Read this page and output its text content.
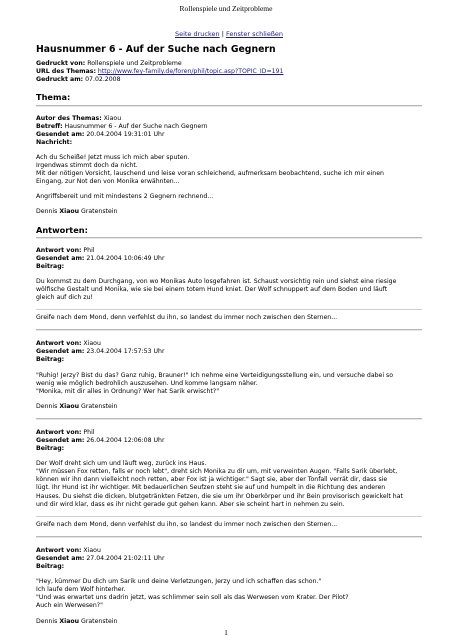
Rollenspiele und Zeitprobleme
Seite drucken | Fenster schließen
Hausnummer 6 - Auf der Suche nach Gegnern
Gedruckt von: Rollenspiele und Zeitprobleme
URL des Themas: http://www.fey-family.de/foren/phil/topic.asp?TOPIC_ID=191
Gedruckt am: 07.02.2008
Thema:
Autor des Themas: Xiaou
Betreff: Hausnummer 6 - Auf der Suche nach Gegnern
Gesendet am: 20.04.2004 19:31:01 Uhr
Nachricht:

Ach du Scheiße! Jetzt muss ich mich aber sputen.

Irgendwas stimmt doch da nicht.

Mit der nötigen Vorsicht, lauschend und leise voran schleichend, aufmerksam beobachtend, suche ich mir einen

Eingang, zur Not den von Monika erwähnten...

Angriffsbereit und mit mindestens 2 Gegnern rechnend...

Dennis Xiaou Gratenstein

Antworten:
Antwort von: Phil
Gesendet am: 21.04.2004 10:06:49 Uhr
Beitrag:

Du kommst zu dem Durchgang, von wo Monikas Auto losgefahren ist. Schaust vorsichtig rein und siehst eine riesige

wölfische Gestalt und Monika, wie sie bei einem totem Hund kniet. Der Wolf schnuppert auf dem Boden und läuft

gleich auf dich zu!

Greife nach dem Mond, denn verfehlst du ihn, so landest du immer noch zwischen den Sternen...

Antwort von: Xiaou
Gesendet am: 23.04.2004 17:57:53 Uhr
Beitrag:

"Ruhig! Jerzy? Bist du das? Ganz ruhig, Brauner!" Ich nehme eine Verteidigungsstellung ein, und versuche dabei so

wenig wie möglich bedrohlich auszusehen. Und komme langsam näher.

"Monika, mit dir alles in Ordnung? Wer hat Sarik erwischt?"

Dennis Xiaou Gratenstein

Antwort von: Phil
Gesendet am: 26.04.2004 12:06:08 Uhr
Beitrag:

Der Wolf dreht sich um und läuft weg, zurück ins Haus.

"Wir müssen Fox retten, falls er noch lebt", dreht sich Monika zu dir um, mit verweinten Augen. "Falls Sarik überlebt,

können wir ihn dann vielleicht noch retten, aber Fox ist ja wichtiger." Sagt sie, aber der Tonfall verrät dir, dass sie

lügt. Ihr Hund ist ihr wichtiger. Mit bedauerlichen Seufzen steht sie auf und humpelt in die Richtung des anderen

Hauses. Du siehst die dicken, blutgetränkten Fetzen, die sie um ihr Oberkörper und ihr Bein provisorisch gewickelt hat

und dir wird klar, dass es ihr nicht gerade gut gehen kann. Aber sie scheint hart in nehmen zu sein.

Greife nach dem Mond, denn verfehlst du ihn, so landest du immer noch zwischen den Sternen...

Antwort von: Xiaou
Gesendet am: 27.04.2004 21:02:11 Uhr
Beitrag:

"Hey, kümmer Du dich um Sarik und deine Verletzungen, Jerzy und ich schaffen das schon."

Ich laufe dem Wolf hinterher.

"Und was erwartet uns dadrin jetzt, was schlimmer sein soll als das Werwesen vom Krater. Der Pilot?

Auch ein Werwesen?"

Dennis Xiaou Gratenstein

1
